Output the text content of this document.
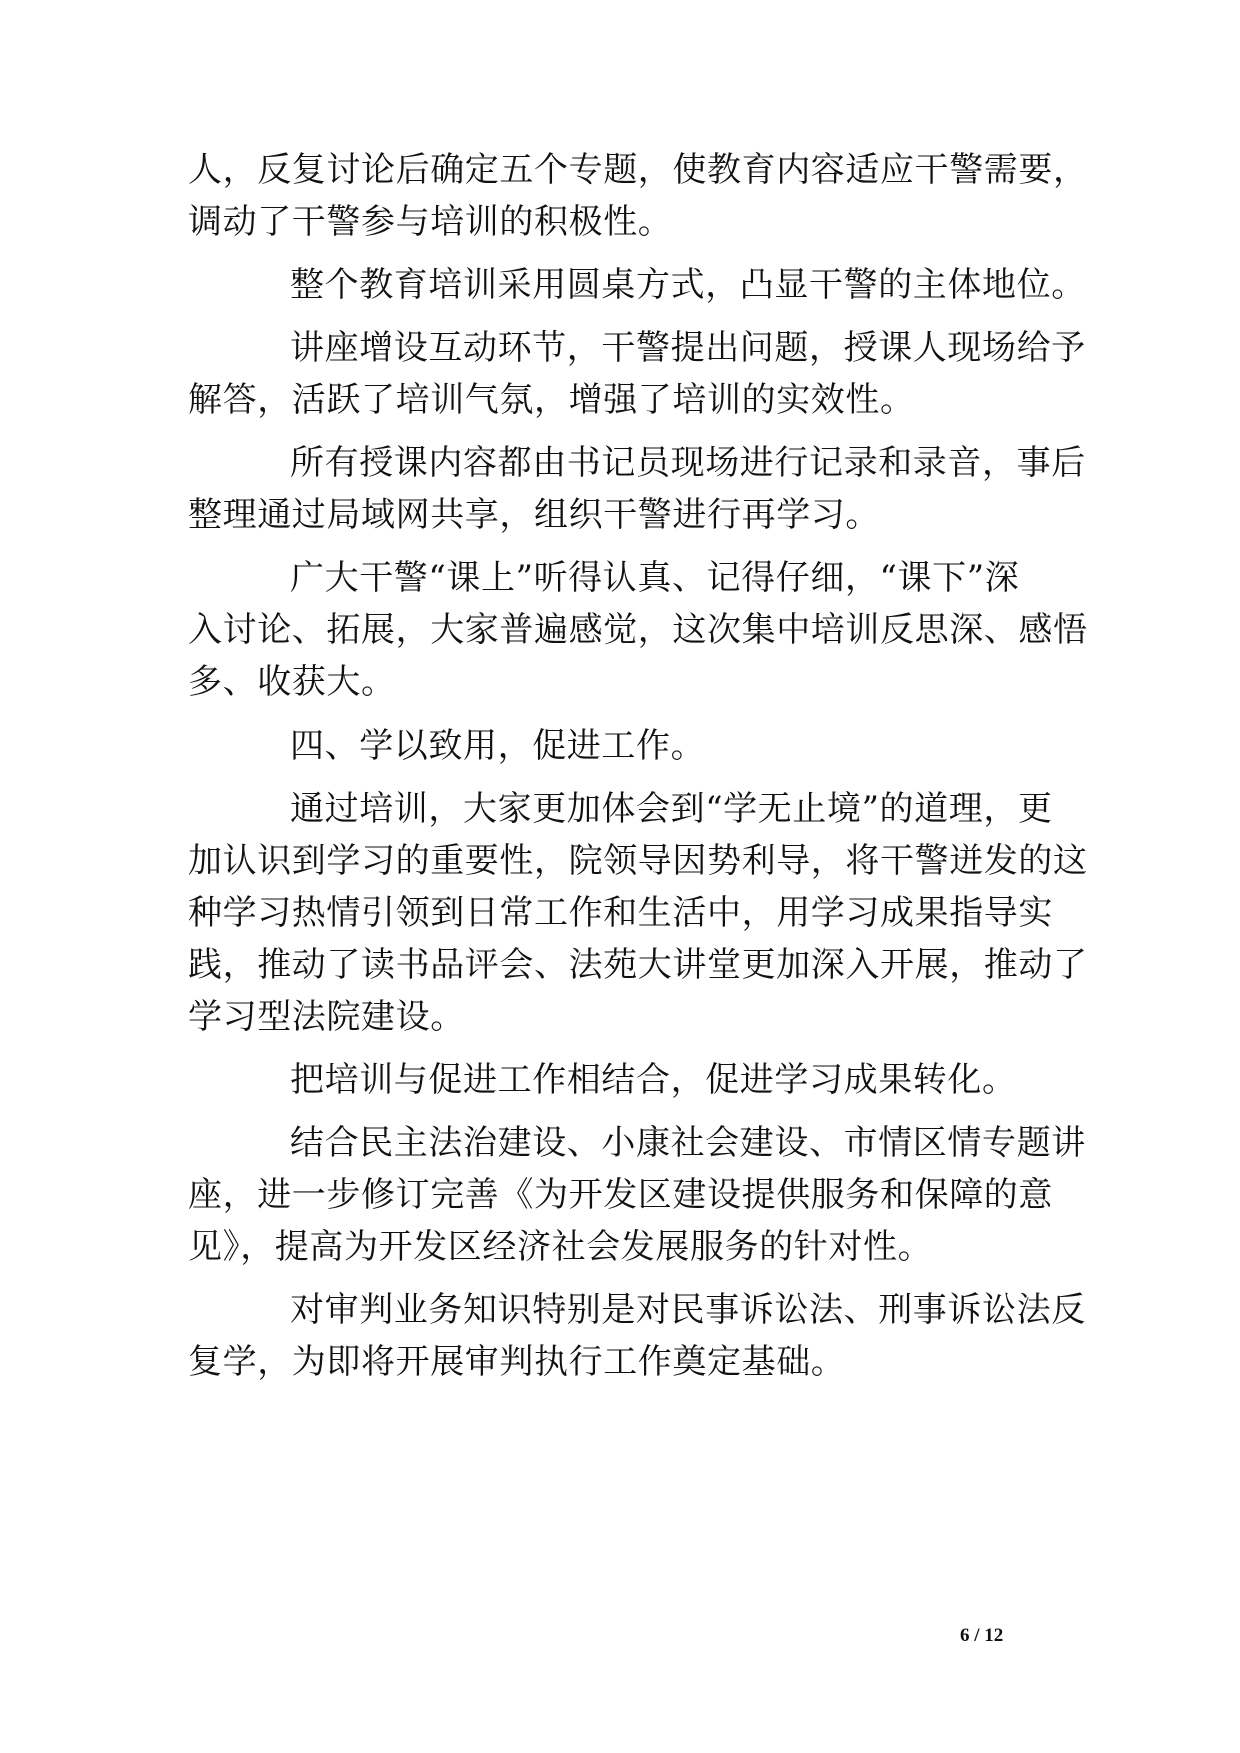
人，反复讨论后确定五个专题，使教育内容适应干警需要，
调动了干警参与培训的积极性。
整个教育培训采用圆桌方式，凸显干警的主体地位。
讲座增设互动环节，干警提出问题，授课人现场给予
解答，活跃了培训气氛，增强了培训的实效性。
所有授课内容都由书记员现场进行记录和录音，事后
整理通过局域网共享，组织干警进行再学习。
广大干警“课上”听得认真、记得仔细，“课下”深
入讨论、拓展，大家普遍感觉，这次集中培训反思深、感悟
多、收获大。
四、学以致用，促进工作。
通过培训，大家更加体会到“学无止境”的道理，更
加认识到学习的重要性，院领导因势利导，将干警迸发的这
种学习热情引领到日常工作和生活中，用学习成果指导实
践，推动了读书品评会、法苑大讲堂更加深入开展，推动了
学习型法院建设。
把培训与促进工作相结合，促进学习成果转化。
结合民主法治建设、小康社会建设、市情区情专题讲
座，进一步修订完善《为开发区建设提供服务和保障的意
见》，提高为开发区经济社会发展服务的针对性。
对审判业务知识特别是对民事诉讼法、刑事诉讼法反
复学，为即将开展审判执行工作奠定基础。
6 / 12
